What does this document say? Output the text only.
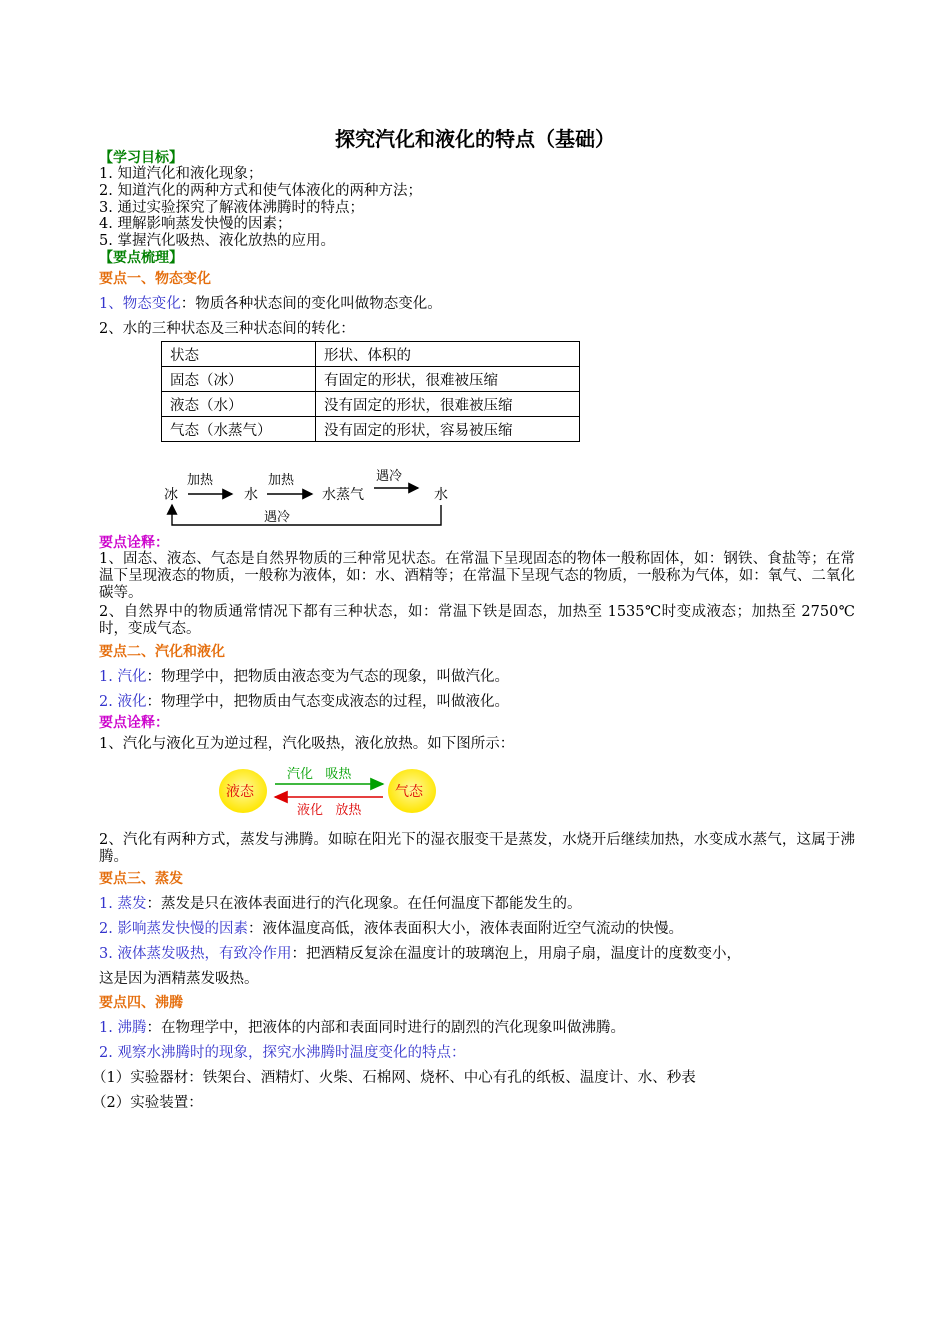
探究汽化和液化的特点（基础）
【学习目标】
1. 知道汽化和液化现象；
2. 知道汽化的两种方式和使气体液化的两种方法；
3. 通过实验探究了解液体沸腾时的特点；
4. 理解影响蒸发快慢的因素；
5. 掌握汽化吸热、液化放热的应用。
【要点梳理】
要点一、物态变化
1、物态变化：物质各种状态间的变化叫做物态变化。
2、水的三种状态及三种状态间的转化：
状态	形状、体积的
固态（冰）	有固定的形状，很难被压缩
液态（水）	没有固定的形状，很难被压缩
气态（水蒸气）	没有固定的形状，容易被压缩
冰
加热
水
加热
水蒸气
遇冷
水
遇冷
要点诠释：
1、固态、液态、气态是自然界物质的三种常见状态。在常温下呈现固态的物体一般称固体，如：钢铁、食盐等；在常温下呈现液态的物质，一般称为液体，如：水、酒精等；在常温下呈现气态的物质，一般称为气体，如：氧气、二氧化碳等。
2、自然界中的物质通常情况下都有三种状态，如：常温下铁是固态，加热至 1535℃时变成液态；加热至 2750℃时，变成气态。
要点二、汽化和液化
1. 汽化：物理学中，把物质由液态变为气态的现象，叫做汽化。
2. 液化：物理学中，把物质由气态变成液态的过程，叫做液化。
要点诠释：
1、汽化与液化互为逆过程，汽化吸热，液化放热。如下图所示：
液态	气态
汽化   吸热
液化   放热
2、汽化有两种方式，蒸发与沸腾。如晾在阳光下的湿衣服变干是蒸发，水烧开后继续加热，水变成水蒸气，这属于沸腾。
要点三、蒸发
1. 蒸发：蒸发是只在液体表面进行的汽化现象。在任何温度下都能发生的。
2. 影响蒸发快慢的因素：液体温度高低，液体表面积大小，液体表面附近空气流动的快慢。
3. 液体蒸发吸热，有致冷作用：把酒精反复涂在温度计的玻璃泡上，用扇子扇，温度计的度数变小，
这是因为酒精蒸发吸热。
要点四、沸腾
1. 沸腾：在物理学中，把液体的内部和表面同时进行的剧烈的汽化现象叫做沸腾。
2. 观察水沸腾时的现象，探究水沸腾时温度变化的特点：
（1）实验器材：铁架台、酒精灯、火柴、石棉网、烧杯、中心有孔的纸板、温度计、水、秒表
（2）实验装置：
